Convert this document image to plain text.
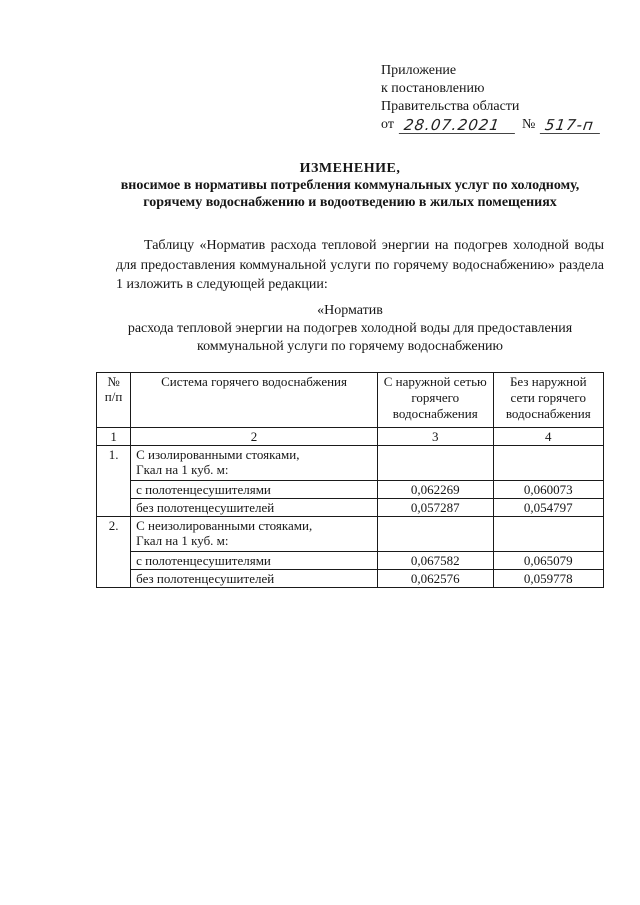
Приложение
к постановлению
Правительства области
от 28.07.2021	№ 517-п
ИЗМЕНЕНИЕ,
вносимое в нормативы потребления коммунальных услуг по холодному,
горячему водоснабжению и водоотведению в жилых помещениях
Таблицу «Норматив расхода тепловой энергии на подогрев холодной воды для предоставления коммунальной услуги по горячему водоснабжению» раздела 1 изложить в следующей редакции:
«Норматив
расхода тепловой энергии на подогрев холодной воды для предоставления
коммунальной услуги по горячему водоснабжению
№ п/п	Система горячего водоснабжения	С наружной сетью горячего водоснабжения	Без наружной сети горячего водоснабжения
1	2	3	4
1.	С изолированными стояками,
Гкал на 1 куб. м:		
	с полотенцесушителями	0,062269	0,060073
	без полотенцесушителей	0,057287	0,054797
2.	С неизолированными стояками,
Гкал на 1 куб. м:		
	с полотенцесушителями	0,067582	0,065079
	без полотенцесушителей	0,062576	0,059778
